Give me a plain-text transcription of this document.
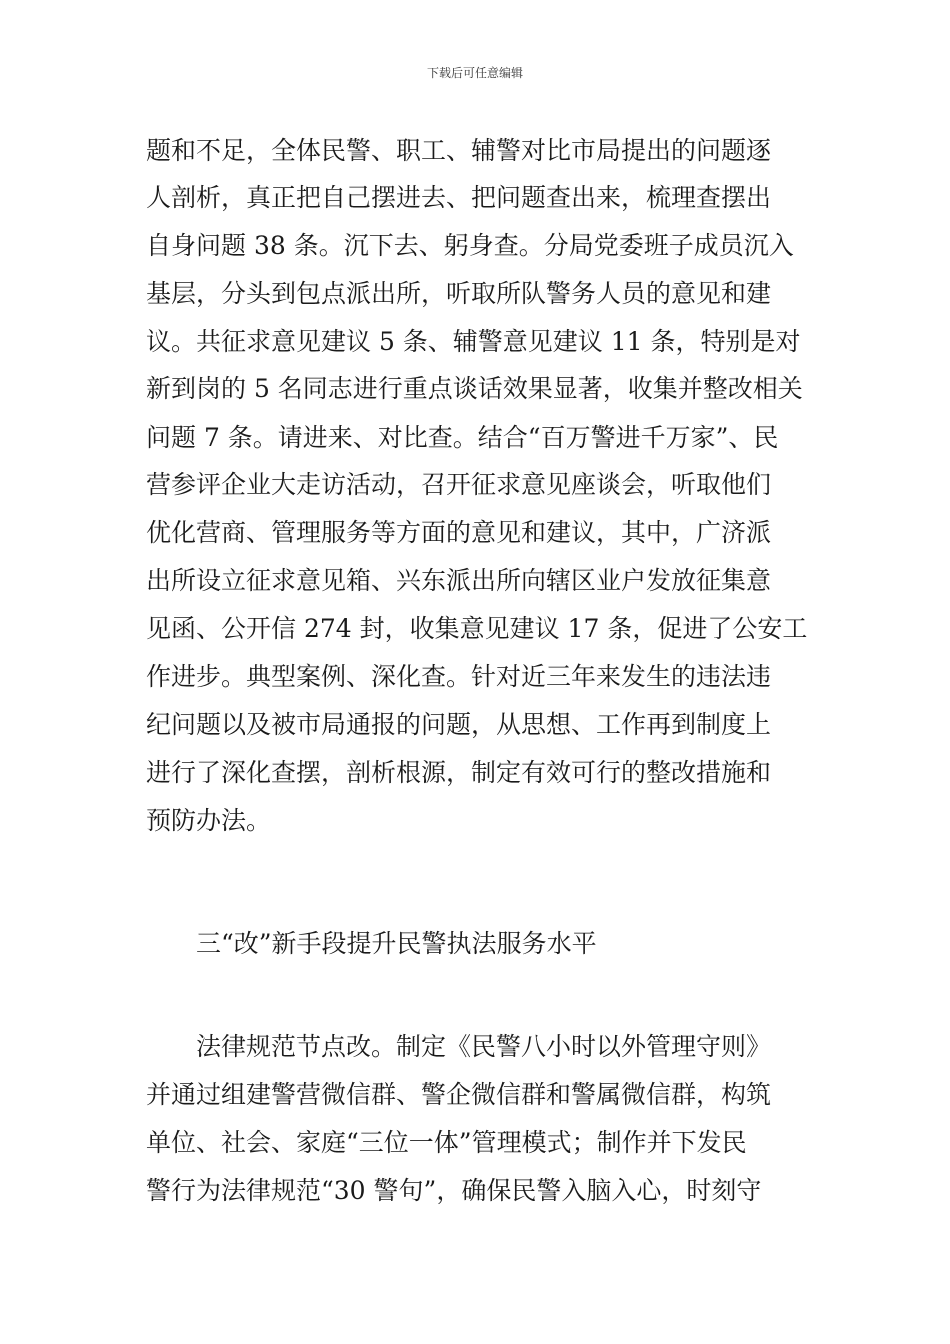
下载后可任意编辑

题和不足，全体民警、职工、辅警对比市局提出的问题逐

人剖析，真正把自己摆进去、把问题查出来，梳理查摆出

自身问题 38 条。沉下去、躬身查。分局党委班子成员沉入

基层，分头到包点派出所，听取所队警务人员的意见和建

议。共征求意见建议 5 条、辅警意见建议 11 条，特别是对

新到岗的 5 名同志进行重点谈话效果显著，收集并整改相关

问题 7 条。请进来、对比查。结合“百万警进千万家”、民

营参评企业大走访活动，召开征求意见座谈会，听取他们

优化营商、管理服务等方面的意见和建议，其中，广济派

出所设立征求意见箱、兴东派出所向辖区业户发放征集意

见函、公开信 274 封，收集意见建议 17 条，促进了公安工

作进步。典型案例、深化查。针对近三年来发生的违法违

纪问题以及被市局通报的问题，从思想、工作再到制度上

进行了深化查摆，剖析根源，制定有效可行的整改措施和

预防办法。

三“改”新手段提升民警执法服务水平

法律规范节点改。制定《民警八小时以外管理守则》

并通过组建警营微信群、警企微信群和警属微信群，构筑

单位、社会、家庭“三位一体”管理模式；制作并下发民

警行为法律规范“30 警句”，确保民警入脑入心，时刻守
